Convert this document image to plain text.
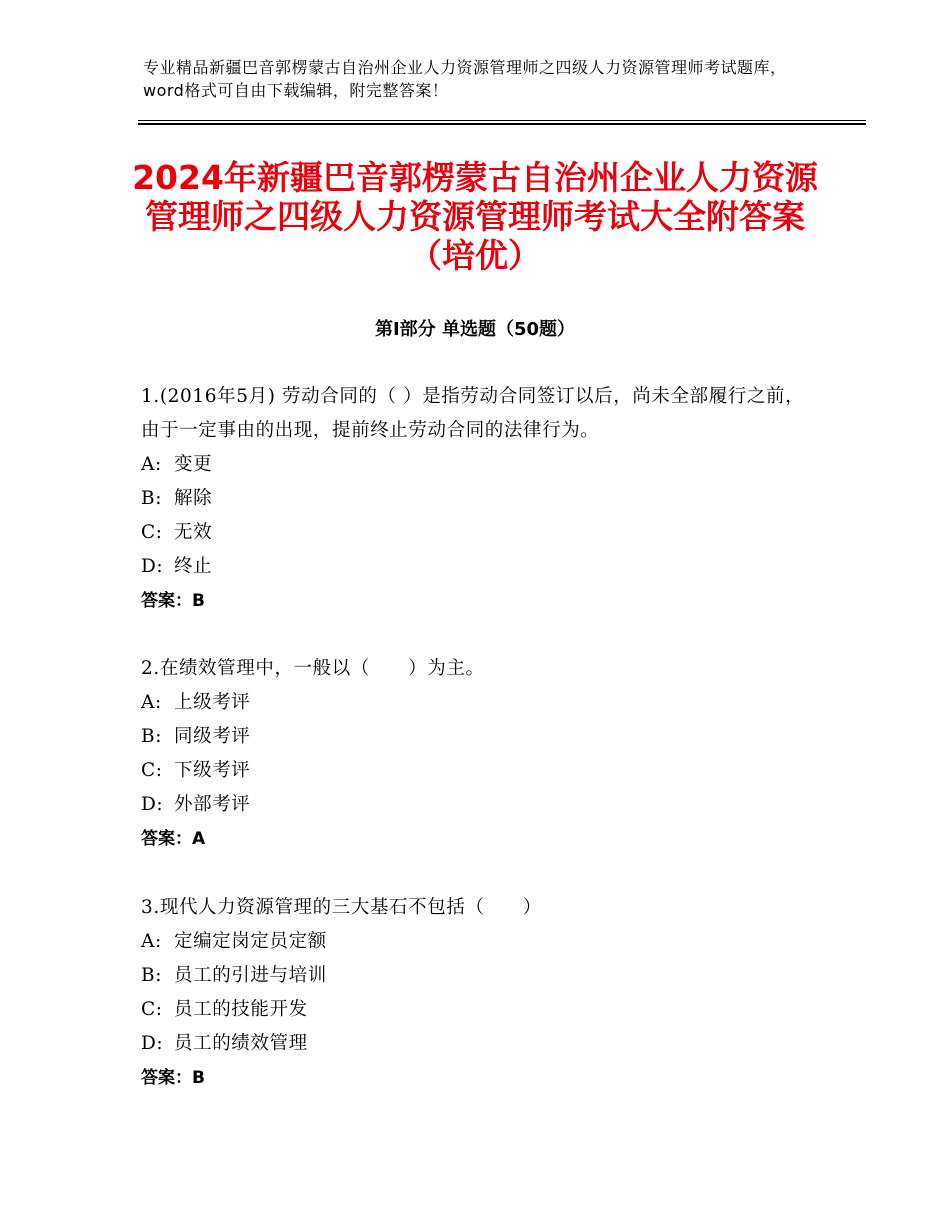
专业精品新疆巴音郭楞蒙古自治州企业人力资源管理师之四级人力资源管理师考试题库，word格式可自由下载编辑，附完整答案！
2024年新疆巴音郭楞蒙古自治州企业人力资源管理师之四级人力资源管理师考试大全附答案（培优）
第Ⅰ部分 单选题（50题）

1.(2016年5月) 劳动合同的（ ）是指劳动合同签订以后，尚未全部履行之前，由于一定事由的出现，提前终止劳动合同的法律行为。

A: 变更

B: 解除

C: 无效

D: 终止

答案：B

2.在绩效管理中，一般以（　　）为主。

A: 上级考评

B: 同级考评

C: 下级考评

D: 外部考评

答案：A

3.现代人力资源管理的三大基石不包括（　　）

A: 定编定岗定员定额

B: 员工的引进与培训

C: 员工的技能开发

D: 员工的绩效管理

答案：B
